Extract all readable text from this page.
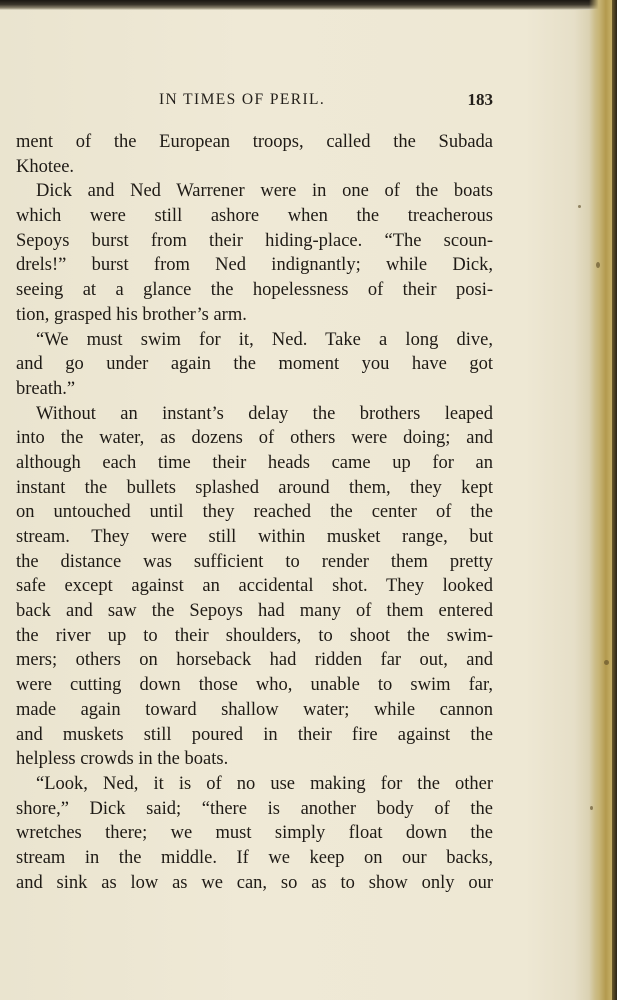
IN TIMES OF PERIL.	183
ment of the European troops, called the Subada
Khotee.
Dick and Ned Warrener were in one of the boats
which were still ashore when the treacherous
Sepoys burst from their hiding-place. “The scoun-
drels!” burst from Ned indignantly; while Dick,
seeing at a glance the hopelessness of their posi-
tion, grasped his brother’s arm.
“We must swim for it, Ned. Take a long dive,
and go under again the moment you have got
breath.”
Without an instant’s delay the brothers leaped
into the water, as dozens of others were doing; and
although each time their heads came up for an
instant the bullets splashed around them, they kept
on untouched until they reached the center of the
stream. They were still within musket range, but
the distance was sufficient to render them pretty
safe except against an accidental shot. They looked
back and saw the Sepoys had many of them entered
the river up to their shoulders, to shoot the swim-
mers; others on horseback had ridden far out, and
were cutting down those who, unable to swim far,
made again toward shallow water; while cannon
and muskets still poured in their fire against the
helpless crowds in the boats.
“Look, Ned, it is of no use making for the other
shore,” Dick said; “there is another body of the
wretches there; we must simply float down the
stream in the middle. If we keep on our backs,
and sink as low as we can, so as to show only our
